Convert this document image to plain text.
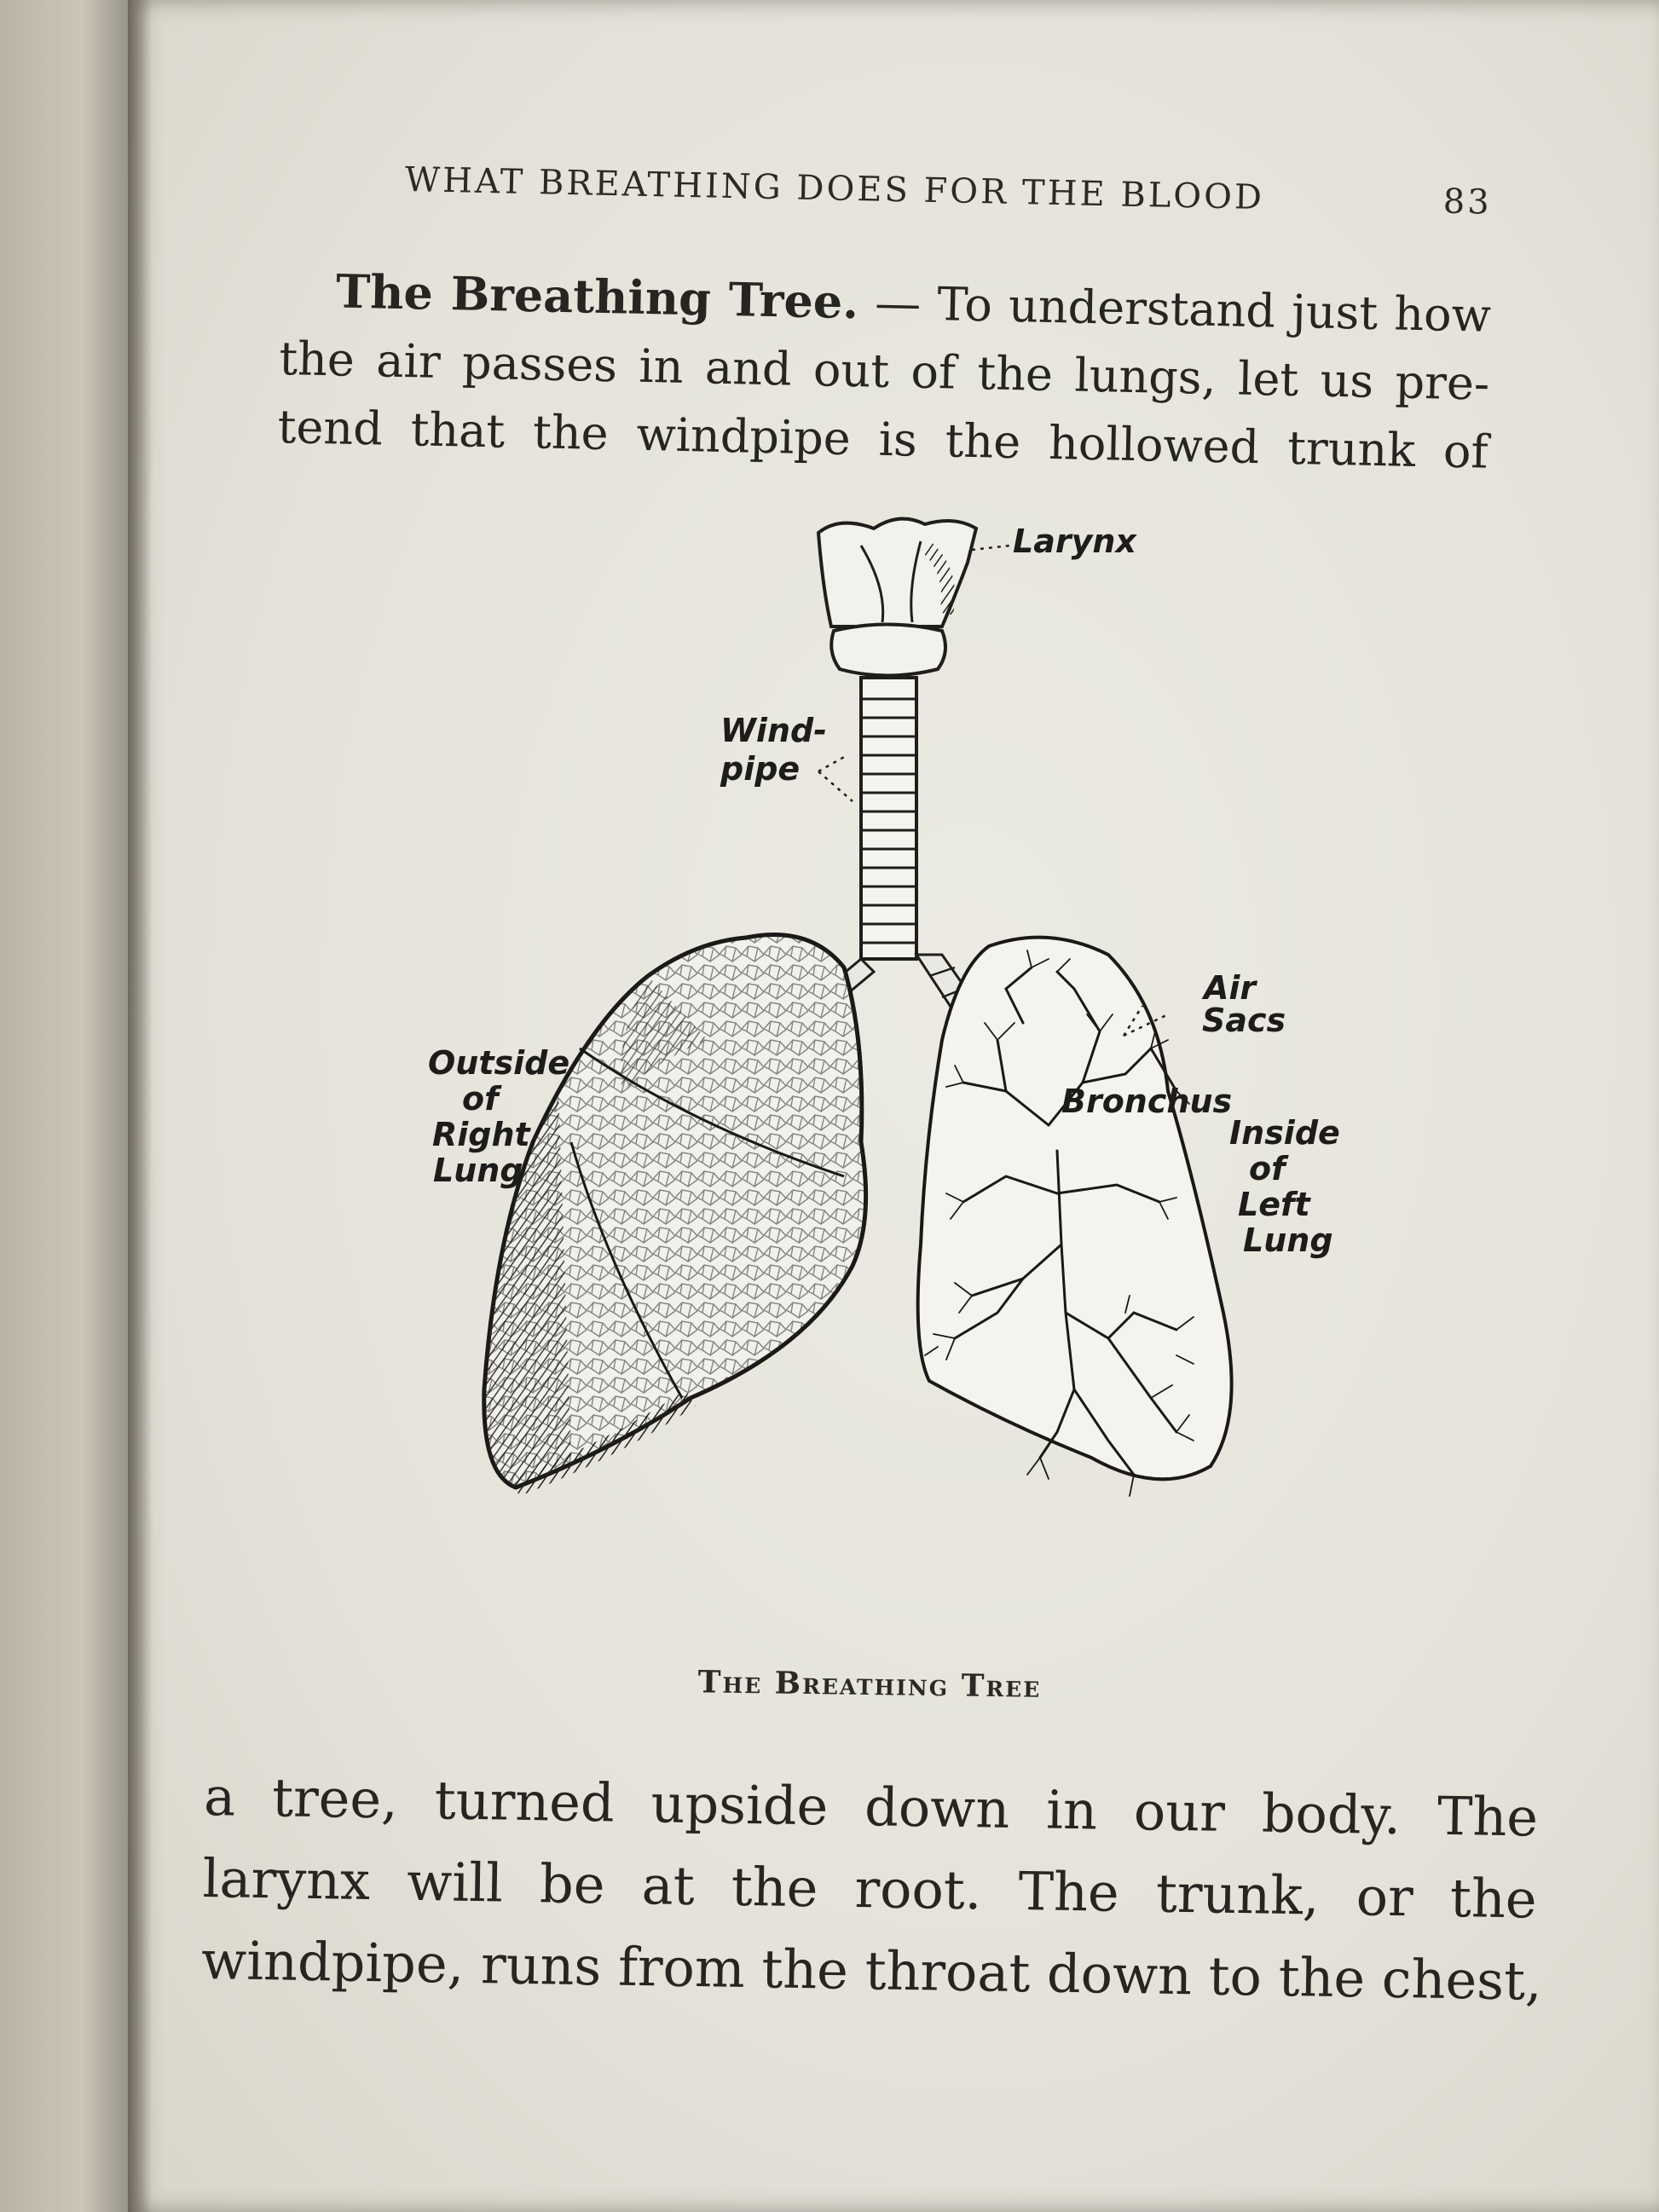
WHAT BREATHING DOES FOR THE BLOOD	83
The Breathing Tree. — To understand just how
the air passes in and out of the lungs, let us pre-
tend that the windpipe is the hollowed trunk of
Larynx
Wind-
pipe
Air
Sacs
Bronchus
Outside
of
Right
Lung
Inside
of
Left
Lung
The Breathing Tree
a tree, turned upside down in our body. The
larynx will be at the root. The trunk, or the
windpipe, runs from the throat down to the chest,
